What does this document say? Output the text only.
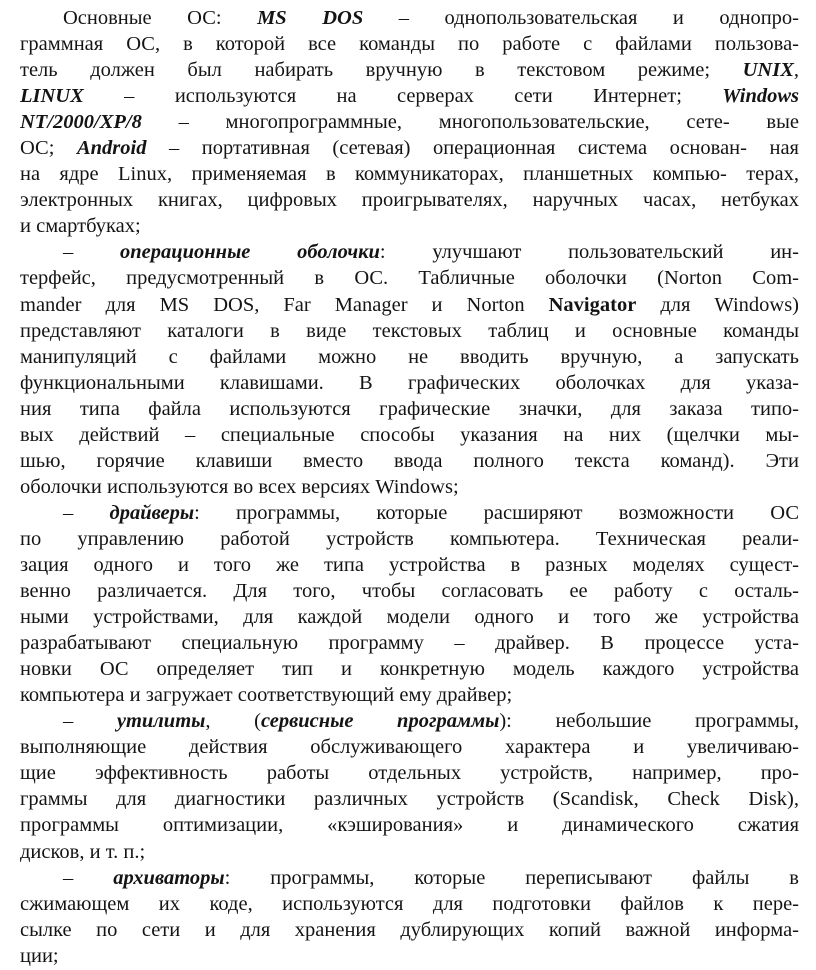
Основные ОС: MS DOS – однопользовательская и однопро-
граммная ОС, в которой все команды по работе с файлами пользова-
тель должен был набирать вручную в текстовом режиме; UNIX,
LINUX – используются на серверах сети Интернет; Windows
NT/2000/XP/8 – многопрограммные, многопользовательские, сете- вые
ОС; Android – портативная (сетевая) операционная система основан- ная
на ядре Linux, применяемая в коммуникаторах, планшетных компью- терах,
электронных книгах, цифровых проигрывателях, наручных часах, нетбуках
и смартбуках;
– операционные оболочки: улучшают пользовательский ин-
терфейс, предусмотренный в ОС. Табличные оболочки (Norton Com-
mander для MS DOS, Far Manager и Norton Navigator для Windows)
представляют каталоги в виде текстовых таблиц и основные команды
манипуляций с файлами можно не вводить вручную, а запускать
функциональными клавишами. В графических оболочках для указа-
ния типа файла используются графические значки, для заказа типо-
вых действий – специальные способы указания на них (щелчки мы-
шью, горячие клавиши вместо ввода полного текста команд). Эти
оболочки используются во всех версиях Windows;
– драйверы: программы, которые расширяют возможности ОС
по управлению работой устройств компьютера. Техническая реали-
зация одного и того же типа устройства в разных моделях сущест-
венно различается. Для того, чтобы согласовать ее работу с осталь-
ными устройствами, для каждой модели одного и того же устройства
разрабатывают специальную программу – драйвер. В процессе уста-
новки ОС определяет тип и конкретную модель каждого устройства
компьютера и загружает соответствующий ему драйвер;
– утилиты, (сервисные программы): небольшие программы,
выполняющие действия обслуживающего характера и увеличиваю-
щие эффективность работы отдельных устройств, например, про-
граммы для диагностики различных устройств (Scandisk, Check Disk),
программы оптимизации, «кэширования» и динамического сжатия
дисков, и т. п.;
– архиваторы: программы, которые переписывают файлы в
сжимающем их коде, используются для подготовки файлов к пере-
сылке по сети и для хранения дублирующих копий важной информа-
ции;
